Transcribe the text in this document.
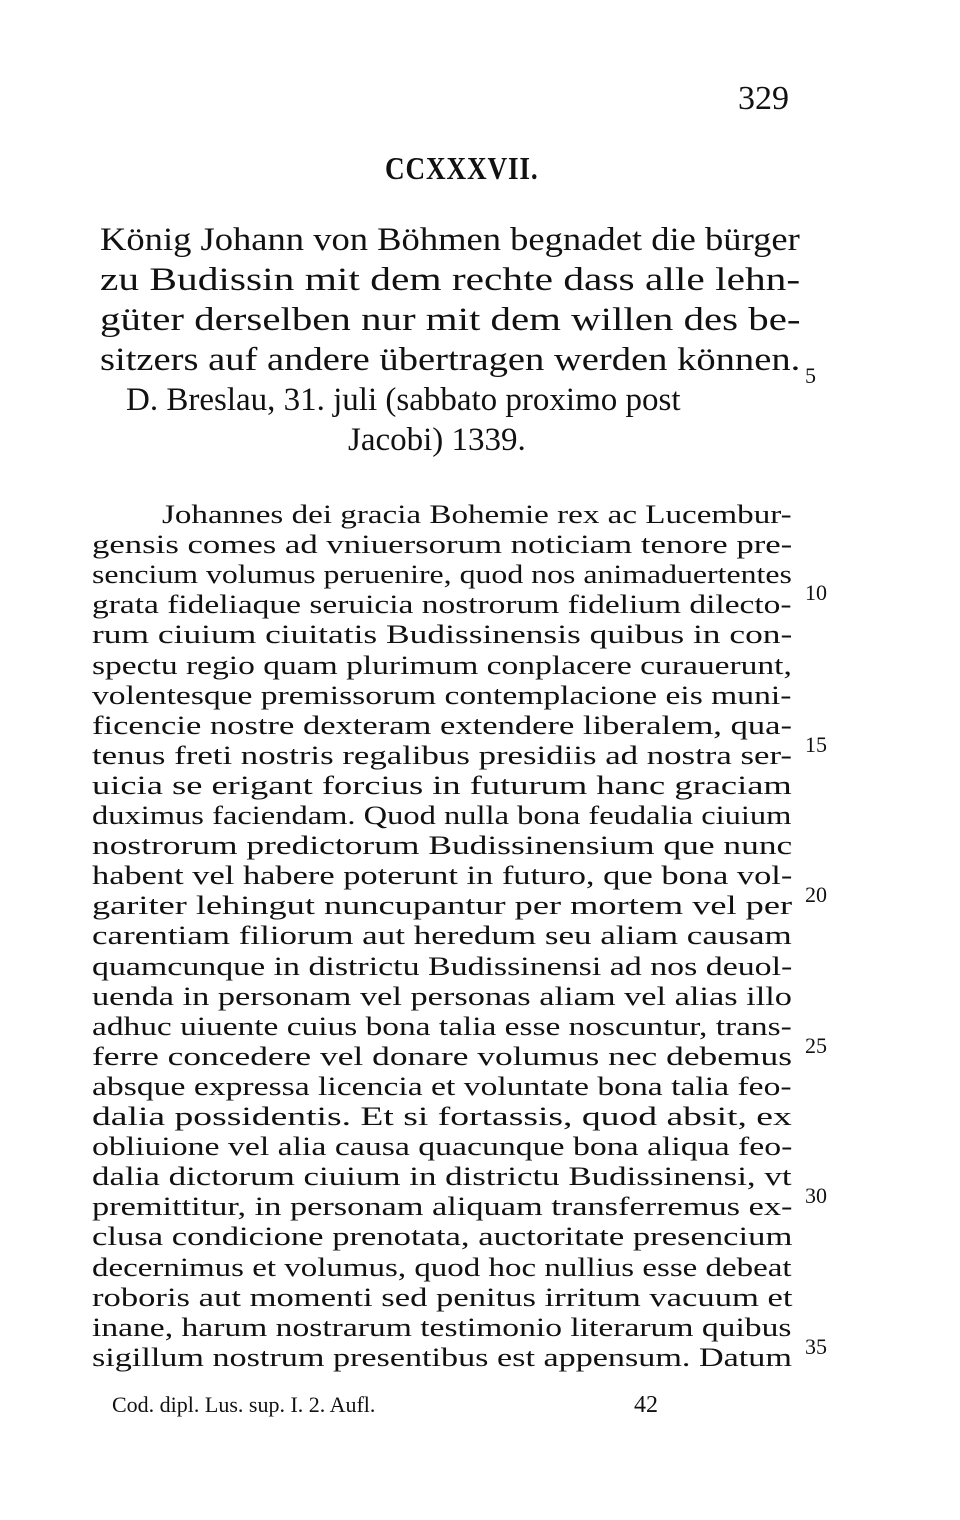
329
CCXXXVII.
König Johann von Böhmen begnadet die bürger
zu Budissin mit dem rechte dass alle lehn-
güter derselben nur mit dem willen des be-
sitzers auf andere übertragen werden können.
D. Breslau, 31. juli (sabbato proximo post
Jacobi) 1339.
Johannes dei gracia Bohemie rex ac Lucembur-
gensis comes ad vniuersorum noticiam tenore pre-
sencium volumus peruenire, quod nos animaduertentes
grata fideliaque seruicia nostrorum fidelium dilecto-
rum ciuium ciuitatis Budissinensis quibus in con-
spectu regio quam plurimum conplacere curauerunt,
volentesque premissorum contemplacione eis muni-
ficencie nostre dexteram extendere liberalem, qua-
tenus freti nostris regalibus presidiis ad nostra ser-
uicia se erigant forcius in futurum hanc graciam
duximus faciendam. Quod nulla bona feudalia ciuium
nostrorum predictorum Budissinensium que nunc
habent vel habere poterunt in futuro, que bona vol-
gariter lehingut nuncupantur per mortem vel per
carentiam filiorum aut heredum seu aliam causam
quamcunque in districtu Budissinensi ad nos deuol-
uenda in personam vel personas aliam vel alias illo
adhuc uiuente cuius bona talia esse noscuntur, trans-
ferre concedere vel donare volumus nec debemus
absque expressa licencia et voluntate bona talia feo-
dalia possidentis. Et si fortassis, quod absit, ex
obliuione vel alia causa quacunque bona aliqua feo-
dalia dictorum ciuium in districtu Budissinensi, vt
premittitur, in personam aliquam transferremus ex-
clusa condicione prenotata, auctoritate presencium
decernimus et volumus, quod hoc nullius esse debeat
roboris aut momenti sed penitus irritum vacuum et
inane, harum nostrarum testimonio literarum quibus
sigillum nostrum presentibus est appensum. Datum
5
10
15
20
25
30
35
Cod. dipl. Lus. sup. I. 2. Aufl.	42
